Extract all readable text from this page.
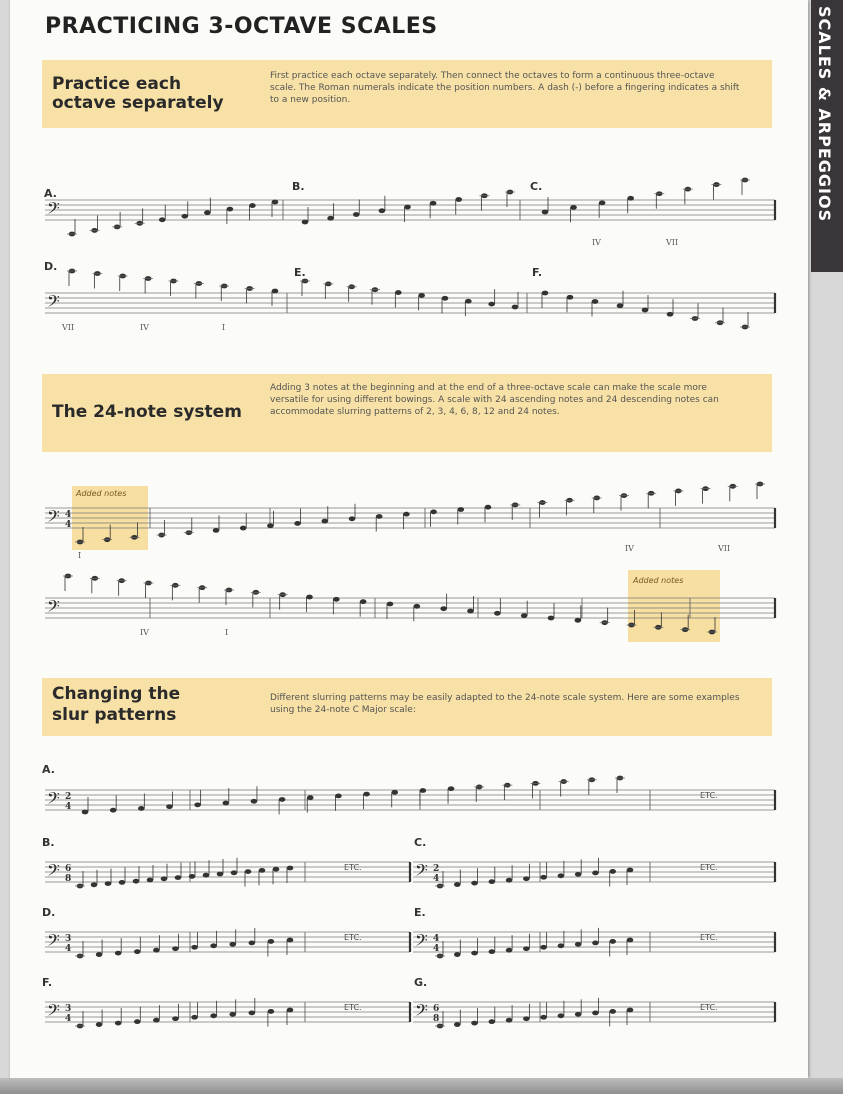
SCALES & ARPEGGIOS
PRACTICING 3-OCTAVE SCALES

Practice each

octave separately

First practice each octave separately. Then connect the octaves to form a continuous three-octave scale. The Roman numerals indicate the position numbers. A dash (-) before a fingering indicates a shift to a new position.

The 24-note system

Adding 3 notes at the beginning and at the end of a three-octave scale can make the scale more versatile for using different bowings. A scale with 24 ascending notes and 24 descending notes can accommodate slurring patterns of 2, 3, 4, 6, 8, 12 and 24 notes.

Changing the

slur patterns

Different slurring patterns may be easily adapted to the 24-note scale system. Here are some examples using the 24-note C Major scale:

A.
B.	C.
D.	E.	F.
Added notes
Added notes
A.
B.	C.
D.	E.
F.	G.
ETC.
ETC.	ETC.
ETC.	ETC.
ETC.	ETC.
𝄢
𝄢
𝄢 4
4
𝄢
𝄢 2
4
𝄢 6
8	𝄢 2
4
𝄢 3
4	𝄢 4
4
𝄢 3
4	𝄢 6
8
IV	VII
VII	IV	I
I
IV	VII
IV	I
